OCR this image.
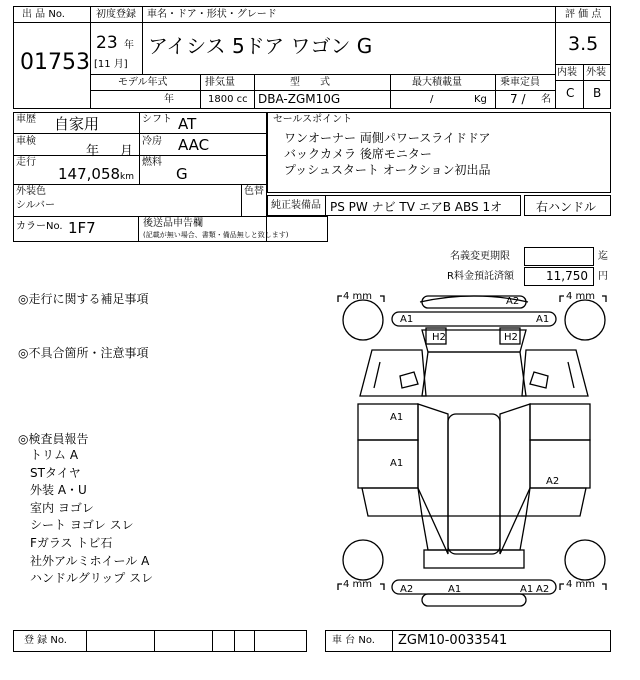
出 品 No.
01753
初度登録 車名・ドア・形状・グレード
23 年
[11 月]
アイシス 5ドア ワゴン G
モデル年式	排気量	型　　式	最大積載量	乗車定員
年	1800 cc DBA-ZGM10G	/	Kg 7 / 名
評 価 点
3.5
内装 外装
C B
車歴 自家用	シフト AT
車検
年 月
冷房 AAC
走行
147,058 km
燃料
G
外装色
シルバー
色替
カラーNo. 1F7	後送品申告欄
(記載が無い場合、書類・備品無しと致します)
セールスポイント
ワンオーナー 両側パワースライドドア
バックカメラ 後席モニター
プッシュスタート オークション初出品
純正装備品 PS PW ナビ TV エアB ABS 1オ	右ハンドル
名義変更期限	迄
R料金預託済額	11,750 円
◎走行に関する補足事項
◎不具合箇所・注意事項
◎検査員報告
トリム A
STタイヤ
外装 A・U
室内 ヨゴレ
シート ヨゴレ スレ
Fガラス トビ石
社外アルミホイール A
ハンドルグリップ スレ
4 mm	4 mm
4 mm	4 mm
A2
A1	A1
H2	H2
A1
A1
A2
A2	A1	A1 A2
登 録 No.	車 台 No. ZGM10-0033541
